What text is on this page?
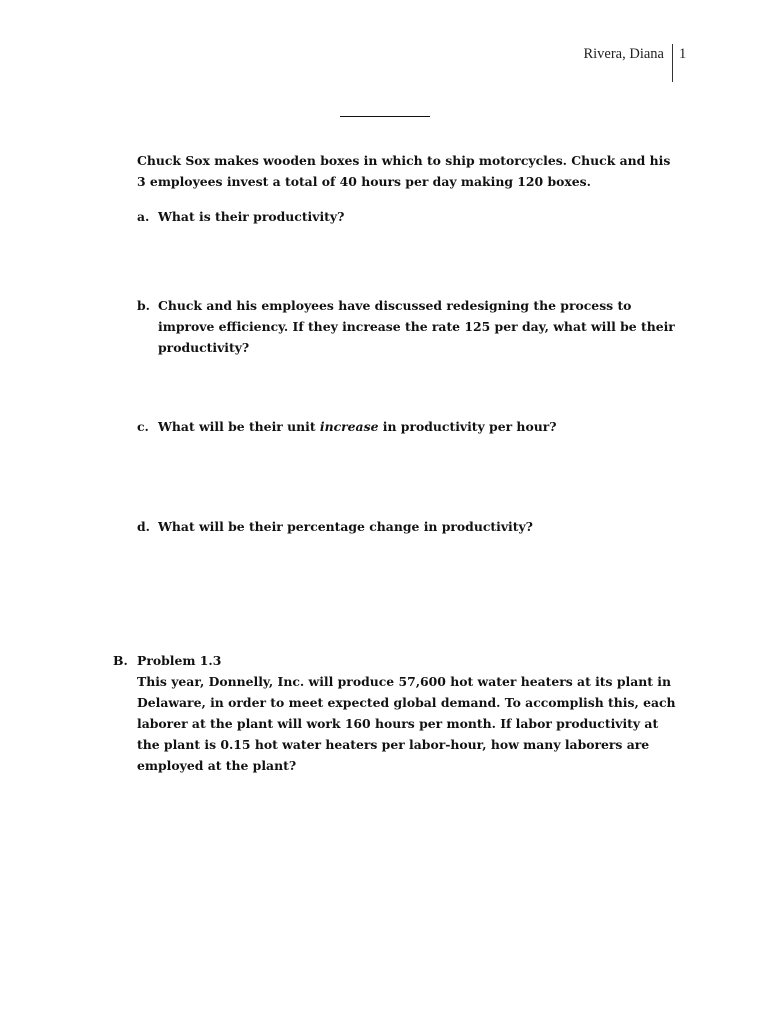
Rivera, Diana 1
Chuck Sox makes wooden boxes in which to ship motorcycles. Chuck and his 3 employees invest a total of 40 hours per day making 120 boxes.
a. What is their productivity?
b. Chuck and his employees have discussed redesigning the process to improve efficiency. If they increase the rate 125 per day, what will be their productivity?
c. What will be their unit increase in productivity per hour?
d. What will be their percentage change in productivity?
B. Problem 1.3
This year, Donnelly, Inc. will produce 57,600 hot water heaters at its plant in Delaware, in order to meet expected global demand. To accomplish this, each laborer at the plant will work 160 hours per month. If labor productivity at the plant is 0.15 hot water heaters per labor-hour, how many laborers are employed at the plant?
